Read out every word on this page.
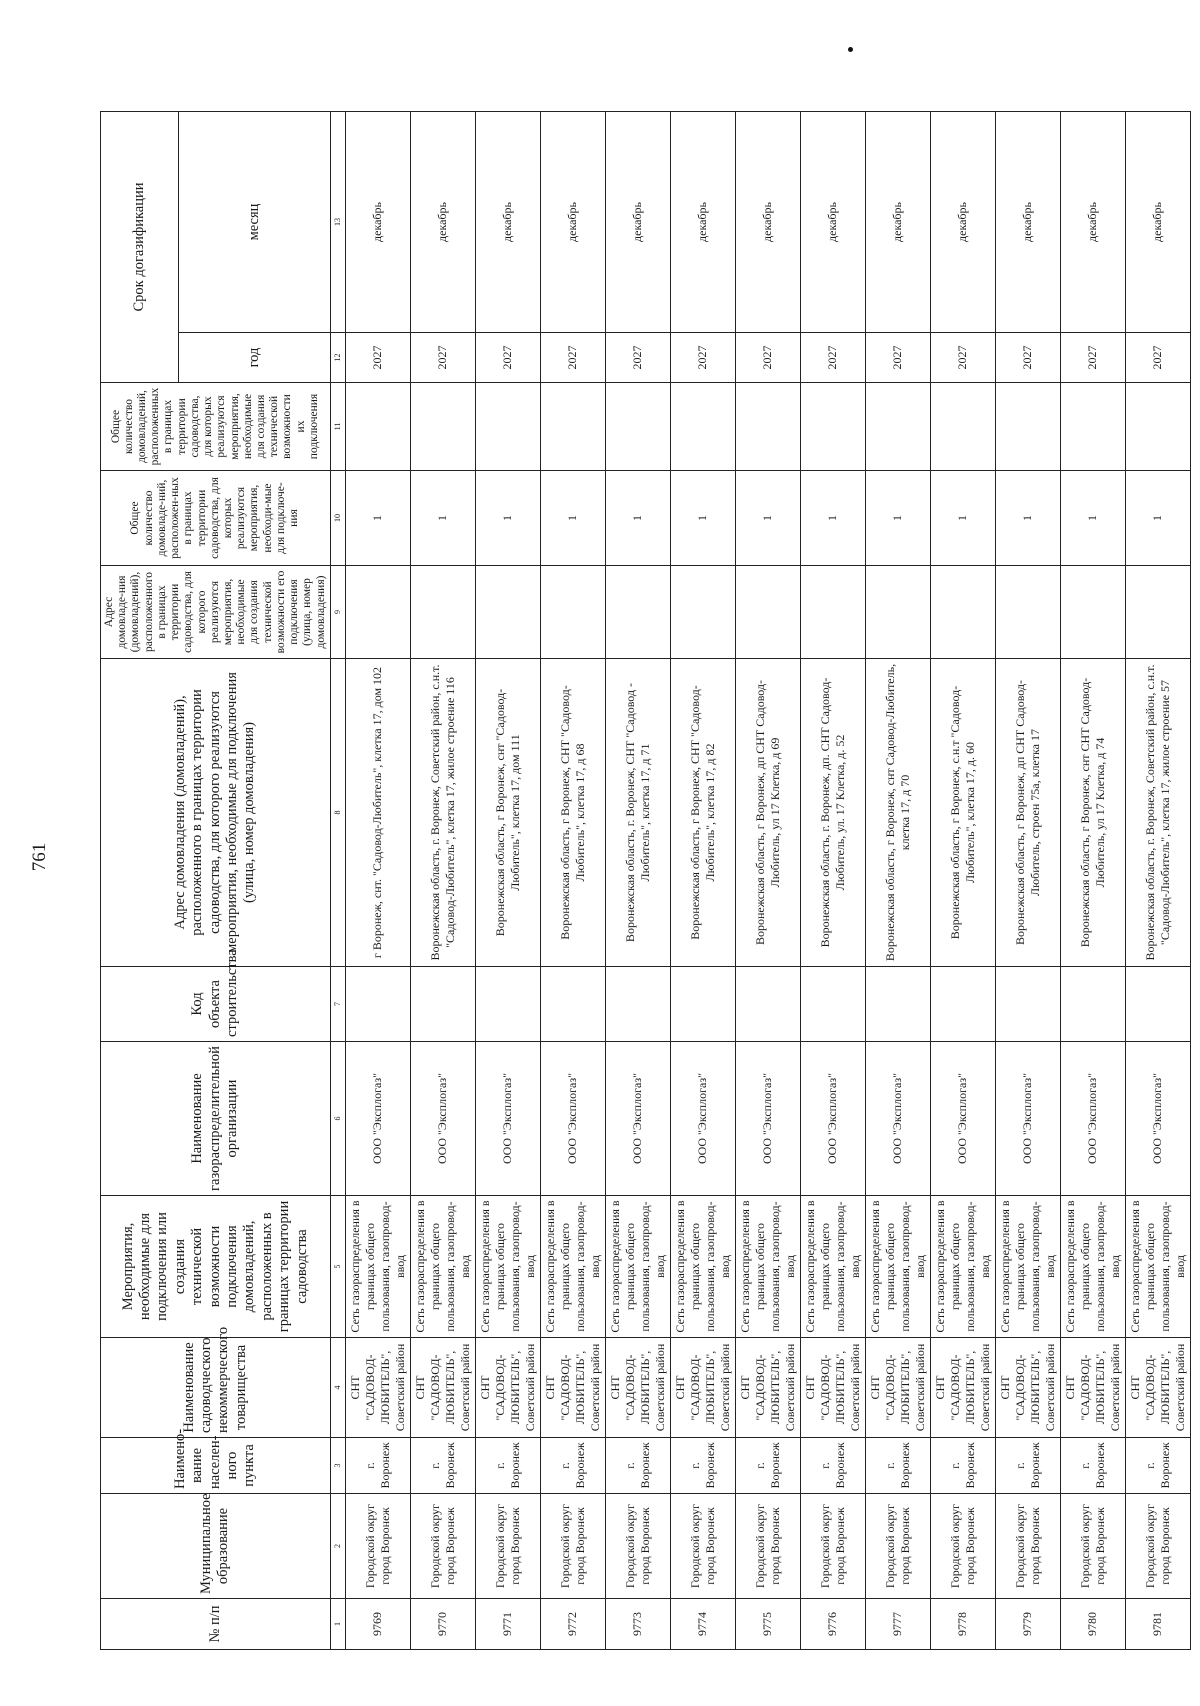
761
№ п/п	Муниципальное образование	Наимено-вание населен-ного пункта	Наименование садоводческого некоммерческого товарищества	Мероприятия, необходимые для подключения или создания технической возможности подключения домовладений, расположенных в границах территории садоводства	Наименование газораспределительной организации	Код объекта строительства	Адрес домовладения (домовладений), расположенного в границах территории садоводства, для которого реализуются мероприятия, необходимые для подключения (улица, номер домовладения)	Адрес домовладе-ния (домовладений), расположенного в границах территории садоводства, для которого реализуются мероприятия, необходимые для создания технической возможности его подключения (улица, номер домовладения)	Общее количество домовладе-ний, расположен-ных в границах территории садоводства, для которых реализуются мероприятия, необходи-мые для подключе-ния	Общее количество домовладений, расположенных в границах территории садоводства, для которых реализуются мероприятия, необходимые для создания технической возможности их подключения	Срок догазификации	
											год	месяц
1	2	3	4	5	6	7	8	9	10	11	12	13
9769	Городской округ город Воронеж	г. Воронеж	СНТ "САДОВОД-ЛЮБИТЕЛЬ", Советский район	Сеть газораспределения в границах общего пользования, газопровод-ввод	ООО "Эксплогаз"		г Воронеж, снт. "Садовод-Любитель", клетка 17, дом 102		1		2027	декабрь
9770	Городской округ город Воронеж	г. Воронеж	СНТ "САДОВОД-ЛЮБИТЕЛЬ", Советский район	Сеть газораспределения в границах общего пользования, газопровод-ввод	ООО "Эксплогаз"		Воронежская область, г. Воронеж, Советский район, с.н.т. "Садовод-Любитель", клетка 17, жилое строение 116		1		2027	декабрь
9771	Городской округ город Воронеж	г. Воронеж	СНТ "САДОВОД-ЛЮБИТЕЛЬ", Советский район	Сеть газораспределения в границах общего пользования, газопровод-ввод	ООО "Эксплогаз"		Воронежская область, г Воронеж, снт "Садовод-Любитель", клетка 17, дом 111		1		2027	декабрь
9772	Городской округ город Воронеж	г. Воронеж	СНТ "САДОВОД-ЛЮБИТЕЛЬ", Советский район	Сеть газораспределения в границах общего пользования, газопровод-ввод	ООО "Эксплогаз"		Воронежская область, г Воронеж, СНТ "Садовод-Любитель", клетка 17, д 68		1		2027	декабрь
9773	Городской округ город Воронеж	г. Воронеж	СНТ "САДОВОД-ЛЮБИТЕЛЬ", Советский район	Сеть газораспределения в границах общего пользования, газопровод-ввод	ООО "Эксплогаз"		Воронежская область, г. Воронеж, СНТ "Садовод - Любитель", клетка 17, д 71		1		2027	декабрь
9774	Городской округ город Воронеж	г. Воронеж	СНТ "САДОВОД-ЛЮБИТЕЛЬ", Советский район	Сеть газораспределения в границах общего пользования, газопровод-ввод	ООО "Эксплогаз"		Воронежская область, г Воронеж, СНТ "Садовод-Любитель", клетка 17, д 82		1		2027	декабрь
9775	Городской округ город Воронеж	г. Воронеж	СНТ "САДОВОД-ЛЮБИТЕЛЬ", Советский район	Сеть газораспределения в границах общего пользования, газопровод-ввод	ООО "Эксплогаз"		Воронежская область, г Воронеж, дп СНТ Садовод-Любитель, ул 17 Клетка, д 69		1		2027	декабрь
9776	Городской округ город Воронеж	г. Воронеж	СНТ "САДОВОД-ЛЮБИТЕЛЬ", Советский район	Сеть газораспределения в границах общего пользования, газопровод-ввод	ООО "Эксплогаз"		Воронежская область, г. Воронеж, дп. СНТ Садовод-Любитель, ул. 17 Клетка, д. 52		1		2027	декабрь
9777	Городской округ город Воронеж	г. Воронеж	СНТ "САДОВОД-ЛЮБИТЕЛЬ", Советский район	Сеть газораспределения в границах общего пользования, газопровод-ввод	ООО "Эксплогаз"		Воронежская область, г Воронеж, снт Садовод-Любитель, клетка 17, д 70		1		2027	декабрь
9778	Городской округ город Воронеж	г. Воронеж	СНТ "САДОВОД-ЛЮБИТЕЛЬ", Советский район	Сеть газораспределения в границах общего пользования, газопровод-ввод	ООО "Эксплогаз"		Воронежская область, г Воронеж, с.н.т "Садовод-Любитель", клетка 17, д. 60		1		2027	декабрь
9779	Городской округ город Воронеж	г. Воронеж	СНТ "САДОВОД-ЛЮБИТЕЛЬ", Советский район	Сеть газораспределения в границах общего пользования, газопровод-ввод	ООО "Эксплогаз"		Воронежская область, г Воронеж, дп СНТ Садовод-Любитель, строен 75а, клетка 17		1		2027	декабрь
9780	Городской округ город Воронеж	г. Воронеж	СНТ "САДОВОД-ЛЮБИТЕЛЬ", Советский район	Сеть газораспределения в границах общего пользования, газопровод-ввод	ООО "Эксплогаз"		Воронежская область, г Воронеж, снт СНТ Садовод-Любитель, ул 17 Клетка, д 74		1		2027	декабрь
9781	Городской округ город Воронеж	г. Воронеж	СНТ "САДОВОД-ЛЮБИТЕЛЬ", Советский район	Сеть газораспределения в границах общего пользования, газопровод-ввод	ООО "Эксплогаз"		Воронежская область, г. Воронеж, Советский район, с.н.т. "Садовод-Любитель", клетка 17, жилое строение 57		1		2027	декабрь
